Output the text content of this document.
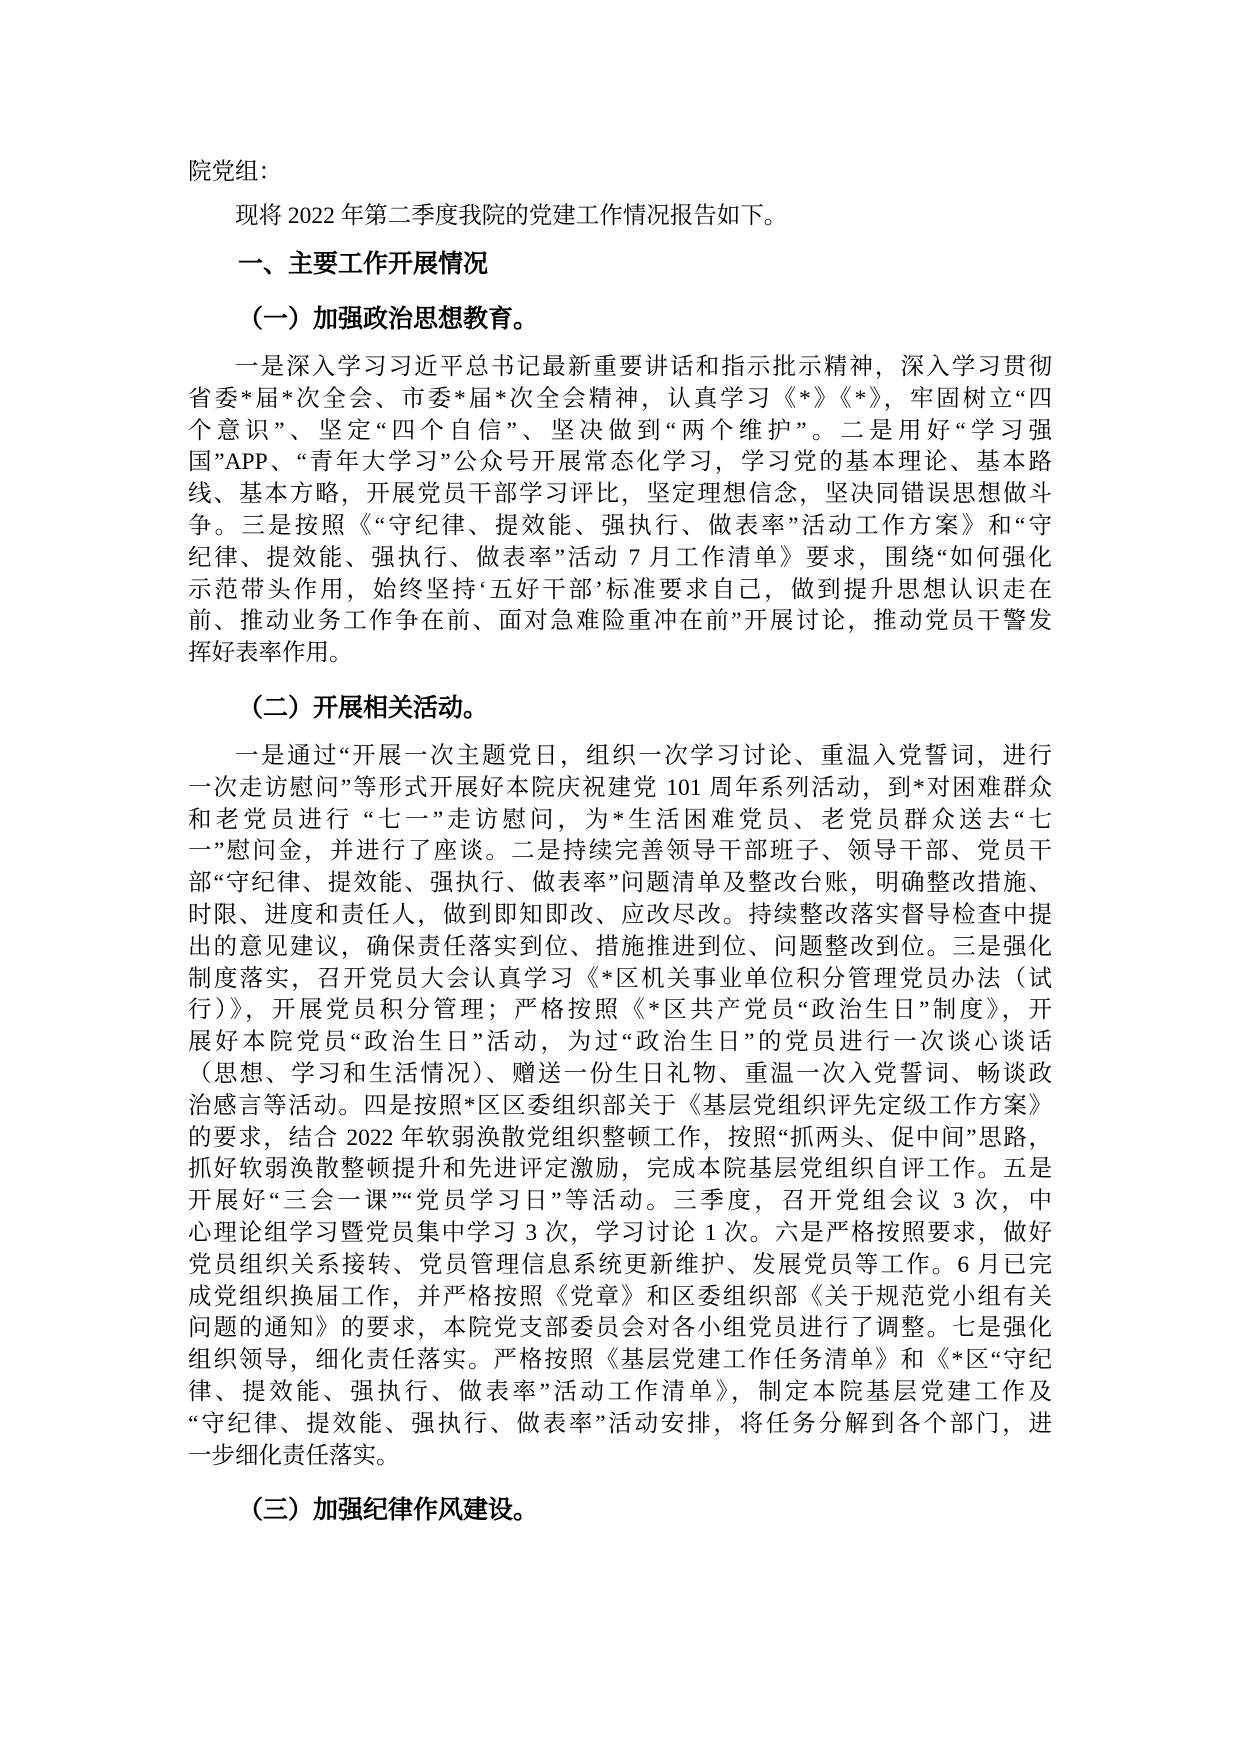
院党组：
现将 2022 年第二季度我院的党建工作情况报告如下。
一、主要工作开展情况
（一）加强政治思想教育。
一是深入学习习近平总书记最新重要讲话和指示批示精神，深入学习贯彻
省委*届*次全会、市委*届*次全会精神，认真学习《*》《*》，牢固树立“四
个意识”、坚定“四个自信”、坚决做到“两个维护”。二是用好“学习强
国”APP、“青年大学习”公众号开展常态化学习，学习党的基本理论、基本路
线、基本方略，开展党员干部学习评比，坚定理想信念，坚决同错误思想做斗
争。三是按照《“守纪律、提效能、强执行、做表率”活动工作方案》和“守
纪律、提效能、强执行、做表率”活动 7 月工作清单》要求，围绕“如何强化
示范带头作用，始终坚持‘五好干部’标准要求自己，做到提升思想认识走在
前、推动业务工作争在前、面对急难险重冲在前”开展讨论，推动党员干警发
挥好表率作用。
（二）开展相关活动。
一是通过“开展一次主题党日，组织一次学习讨论、重温入党誓词，进行
一次走访慰问”等形式开展好本院庆祝建党 101 周年系列活动，到*对困难群众
和老党员进行 “七一”走访慰问，为*生活困难党员、老党员群众送去“七
一”慰问金，并进行了座谈。二是持续完善领导干部班子、领导干部、党员干
部“守纪律、提效能、强执行、做表率”问题清单及整改台账，明确整改措施、
时限、进度和责任人，做到即知即改、应改尽改。持续整改落实督导检查中提
出的意见建议，确保责任落实到位、措施推进到位、问题整改到位。三是强化
制度落实，召开党员大会认真学习《*区机关事业单位积分管理党员办法（试
行）》，开展党员积分管理；严格按照《*区共产党员“政治生日”制度》，开
展好本院党员“政治生日”活动，为过“政治生日”的党员进行一次谈心谈话
（思想、学习和生活情况）、赠送一份生日礼物、重温一次入党誓词、畅谈政
治感言等活动。四是按照*区区委组织部关于《基层党组织评先定级工作方案》
的要求，结合 2022 年软弱涣散党组织整顿工作，按照“抓两头、促中间”思路，
抓好软弱涣散整顿提升和先进评定激励，完成本院基层党组织自评工作。五是
开展好“三会一课”“党员学习日”等活动。三季度，召开党组会议 3 次，中
心理论组学习暨党员集中学习 3 次，学习讨论 1 次。六是严格按照要求，做好
党员组织关系接转、党员管理信息系统更新维护、发展党员等工作。6 月已完
成党组织换届工作，并严格按照《党章》和区委组织部《关于规范党小组有关
问题的通知》的要求，本院党支部委员会对各小组党员进行了调整。七是强化
组织领导，细化责任落实。严格按照《基层党建工作任务清单》和《*区“守纪
律、提效能、强执行、做表率”活动工作清单》，制定本院基层党建工作及
“守纪律、提效能、强执行、做表率”活动安排，将任务分解到各个部门，进
一步细化责任落实。
（三）加强纪律作风建设。
